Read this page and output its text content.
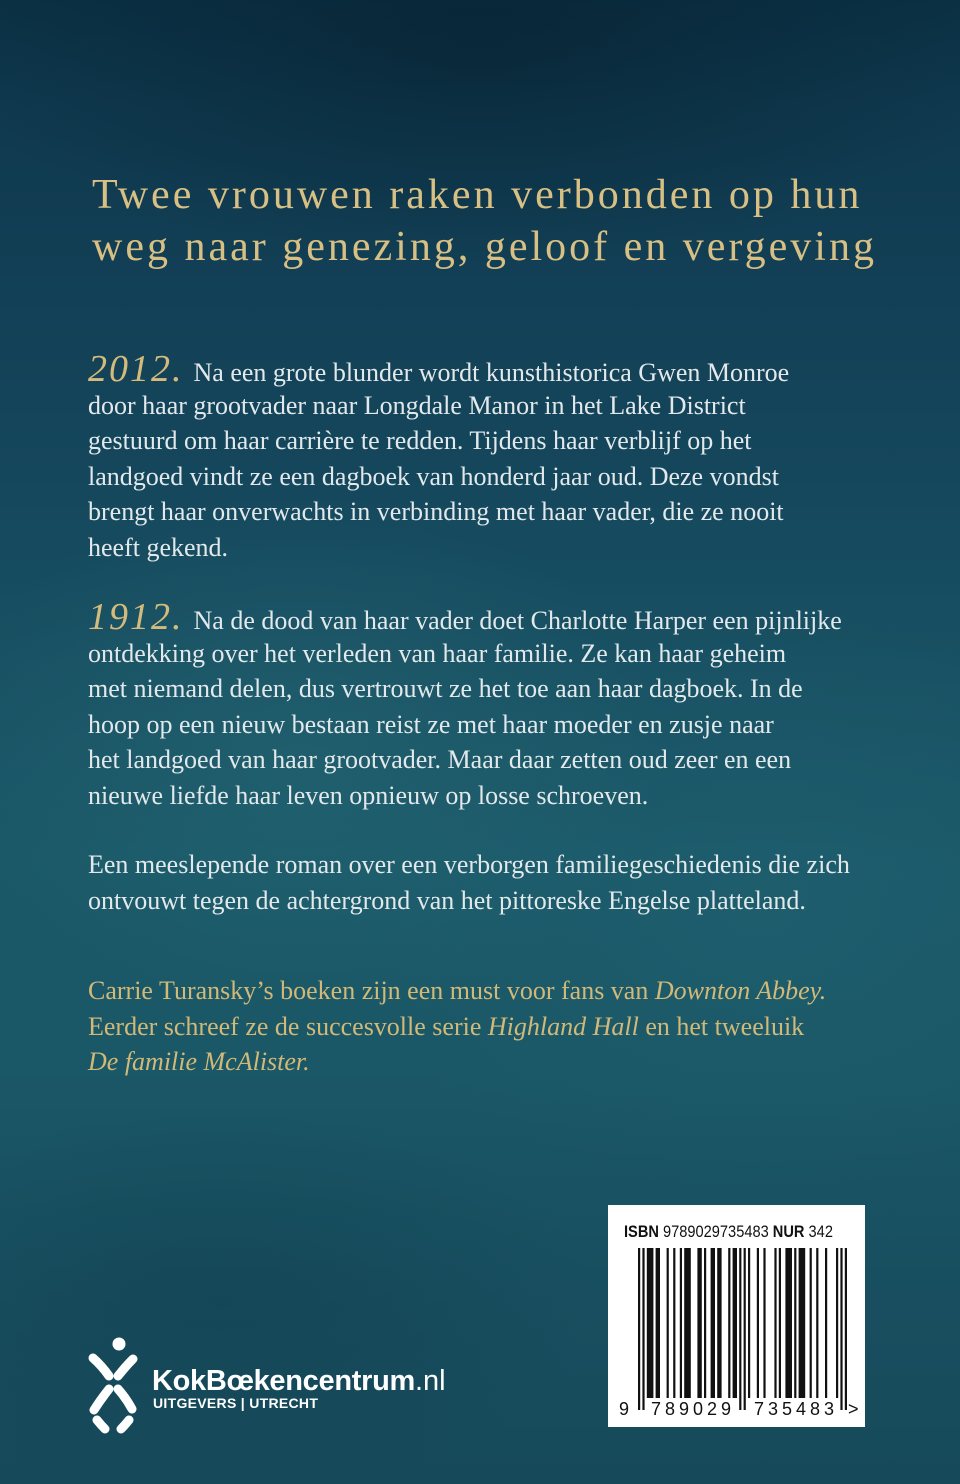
Twee vrouwen raken verbonden op hun
weg naar genezing, geloof en vergeving
2012. Na een grote blunder wordt kunsthistorica Gwen Monroe
door haar grootvader naar Longdale Manor in het Lake District
gestuurd om haar carrière te redden. Tijdens haar verblijf op het
landgoed vindt ze een dagboek van honderd jaar oud. Deze vondst
brengt haar onverwachts in verbinding met haar vader, die ze nooit
heeft gekend.
1912. Na de dood van haar vader doet Charlotte Harper een pijnlijke
ontdekking over het verleden van haar familie. Ze kan haar geheim
met niemand delen, dus vertrouwt ze het toe aan haar dagboek. In de
hoop op een nieuw bestaan reist ze met haar moeder en zusje naar
het landgoed van haar grootvader. Maar daar zetten oud zeer en een
nieuwe liefde haar leven opnieuw op losse schroeven.
Een meeslepende roman over een verborgen familiegeschiedenis die zich
ontvouwt tegen de achtergrond van het pittoreske Engelse platteland.
Carrie Turansky’s boeken zijn een must voor fans van Downton Abbey.
Eerder schreef ze de succesvolle serie Highland Hall en het tweeluik
De familie McAlister.
ISBN 9789029735483 NUR 342
9	789029	735483 >
KokBœkencentrum.nl
UITGEVERS | UTRECHT
